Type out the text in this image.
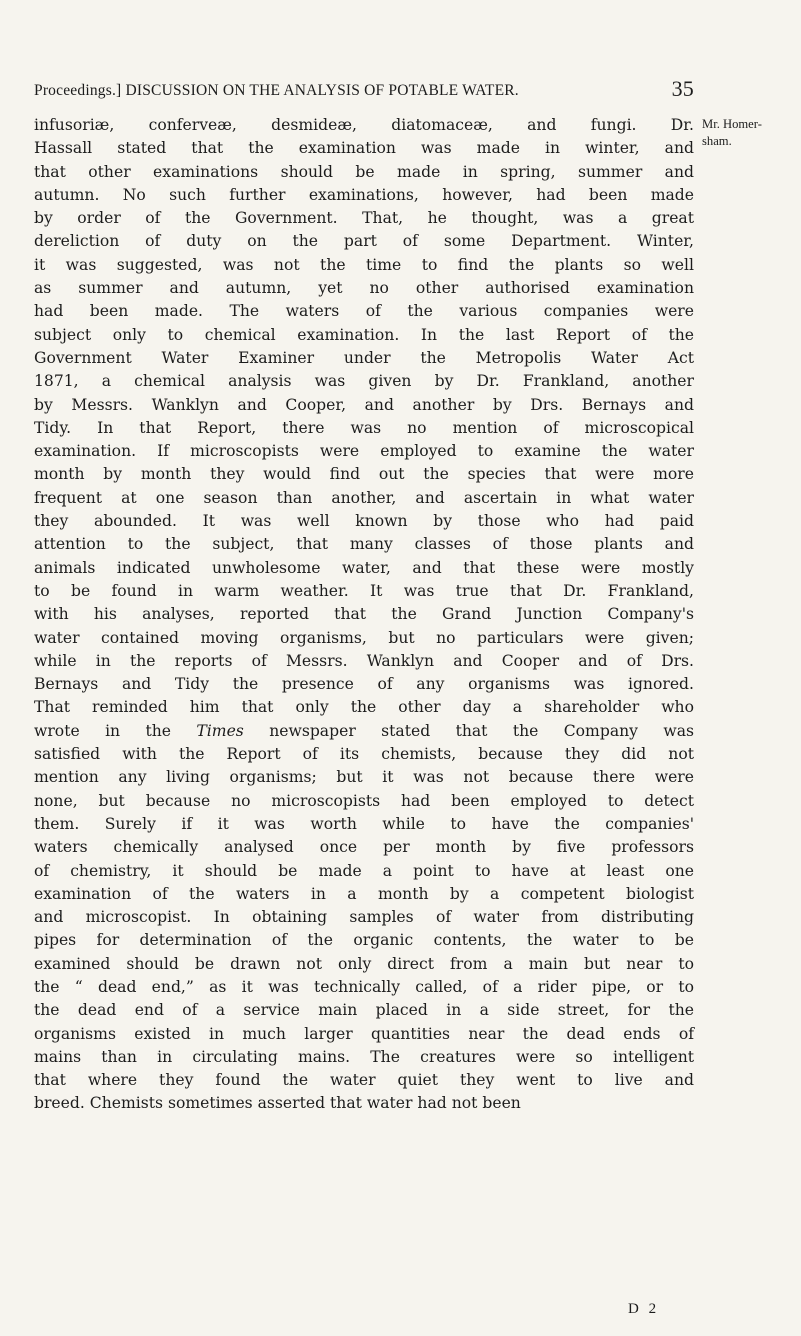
Proceedings.] DISCUSSION ON THE ANALYSIS OF POTABLE WATER.	35
Mr. Homer-
sham.
infusoriæ, conferveæ, desmideæ, diatomaceæ, and fungi. Dr.
Hassall stated that the examination was made in winter, and
that other examinations should be made in spring, summer and
autumn. No such further examinations, however, had been made
by order of the Government. That, he thought, was a great
dereliction of duty on the part of some Department. Winter,
it was suggested, was not the time to find the plants so well
as summer and autumn, yet no other authorised examination
had been made. The waters of the various companies were
subject only to chemical examination. In the last Report of the
Government Water Examiner under the Metropolis Water Act
1871, a chemical analysis was given by Dr. Frankland, another
by Messrs. Wanklyn and Cooper, and another by Drs. Bernays and
Tidy. In that Report, there was no mention of microscopical
examination. If microscopists were employed to examine the water
month by month they would find out the species that were more
frequent at one season than another, and ascertain in what water
they abounded. It was well known by those who had paid
attention to the subject, that many classes of those plants and
animals indicated unwholesome water, and that these were mostly
to be found in warm weather. It was true that Dr. Frankland,
with his analyses, reported that the Grand Junction Company's
water contained moving organisms, but no particulars were given;
while in the reports of Messrs. Wanklyn and Cooper and of Drs.
Bernays and Tidy the presence of any organisms was ignored.
That reminded him that only the other day a shareholder who
wrote in the Times newspaper stated that the Company was
satisfied with the Report of its chemists, because they did not
mention any living organisms; but it was not because there were
none, but because no microscopists had been employed to detect
them. Surely if it was worth while to have the companies'
waters chemically analysed once per month by five professors
of chemistry, it should be made a point to have at least one
examination of the waters in a month by a competent biologist
and microscopist. In obtaining samples of water from distributing
pipes for determination of the organic contents, the water to be
examined should be drawn not only direct from a main but near to
the “ dead end,” as it was technically called, of a rider pipe, or to
the dead end of a service main placed in a side street, for the
organisms existed in much larger quantities near the dead ends of
mains than in circulating mains. The creatures were so intelligent
that where they found the water quiet they went to live and
breed. Chemists sometimes asserted that water had not been
D 2
